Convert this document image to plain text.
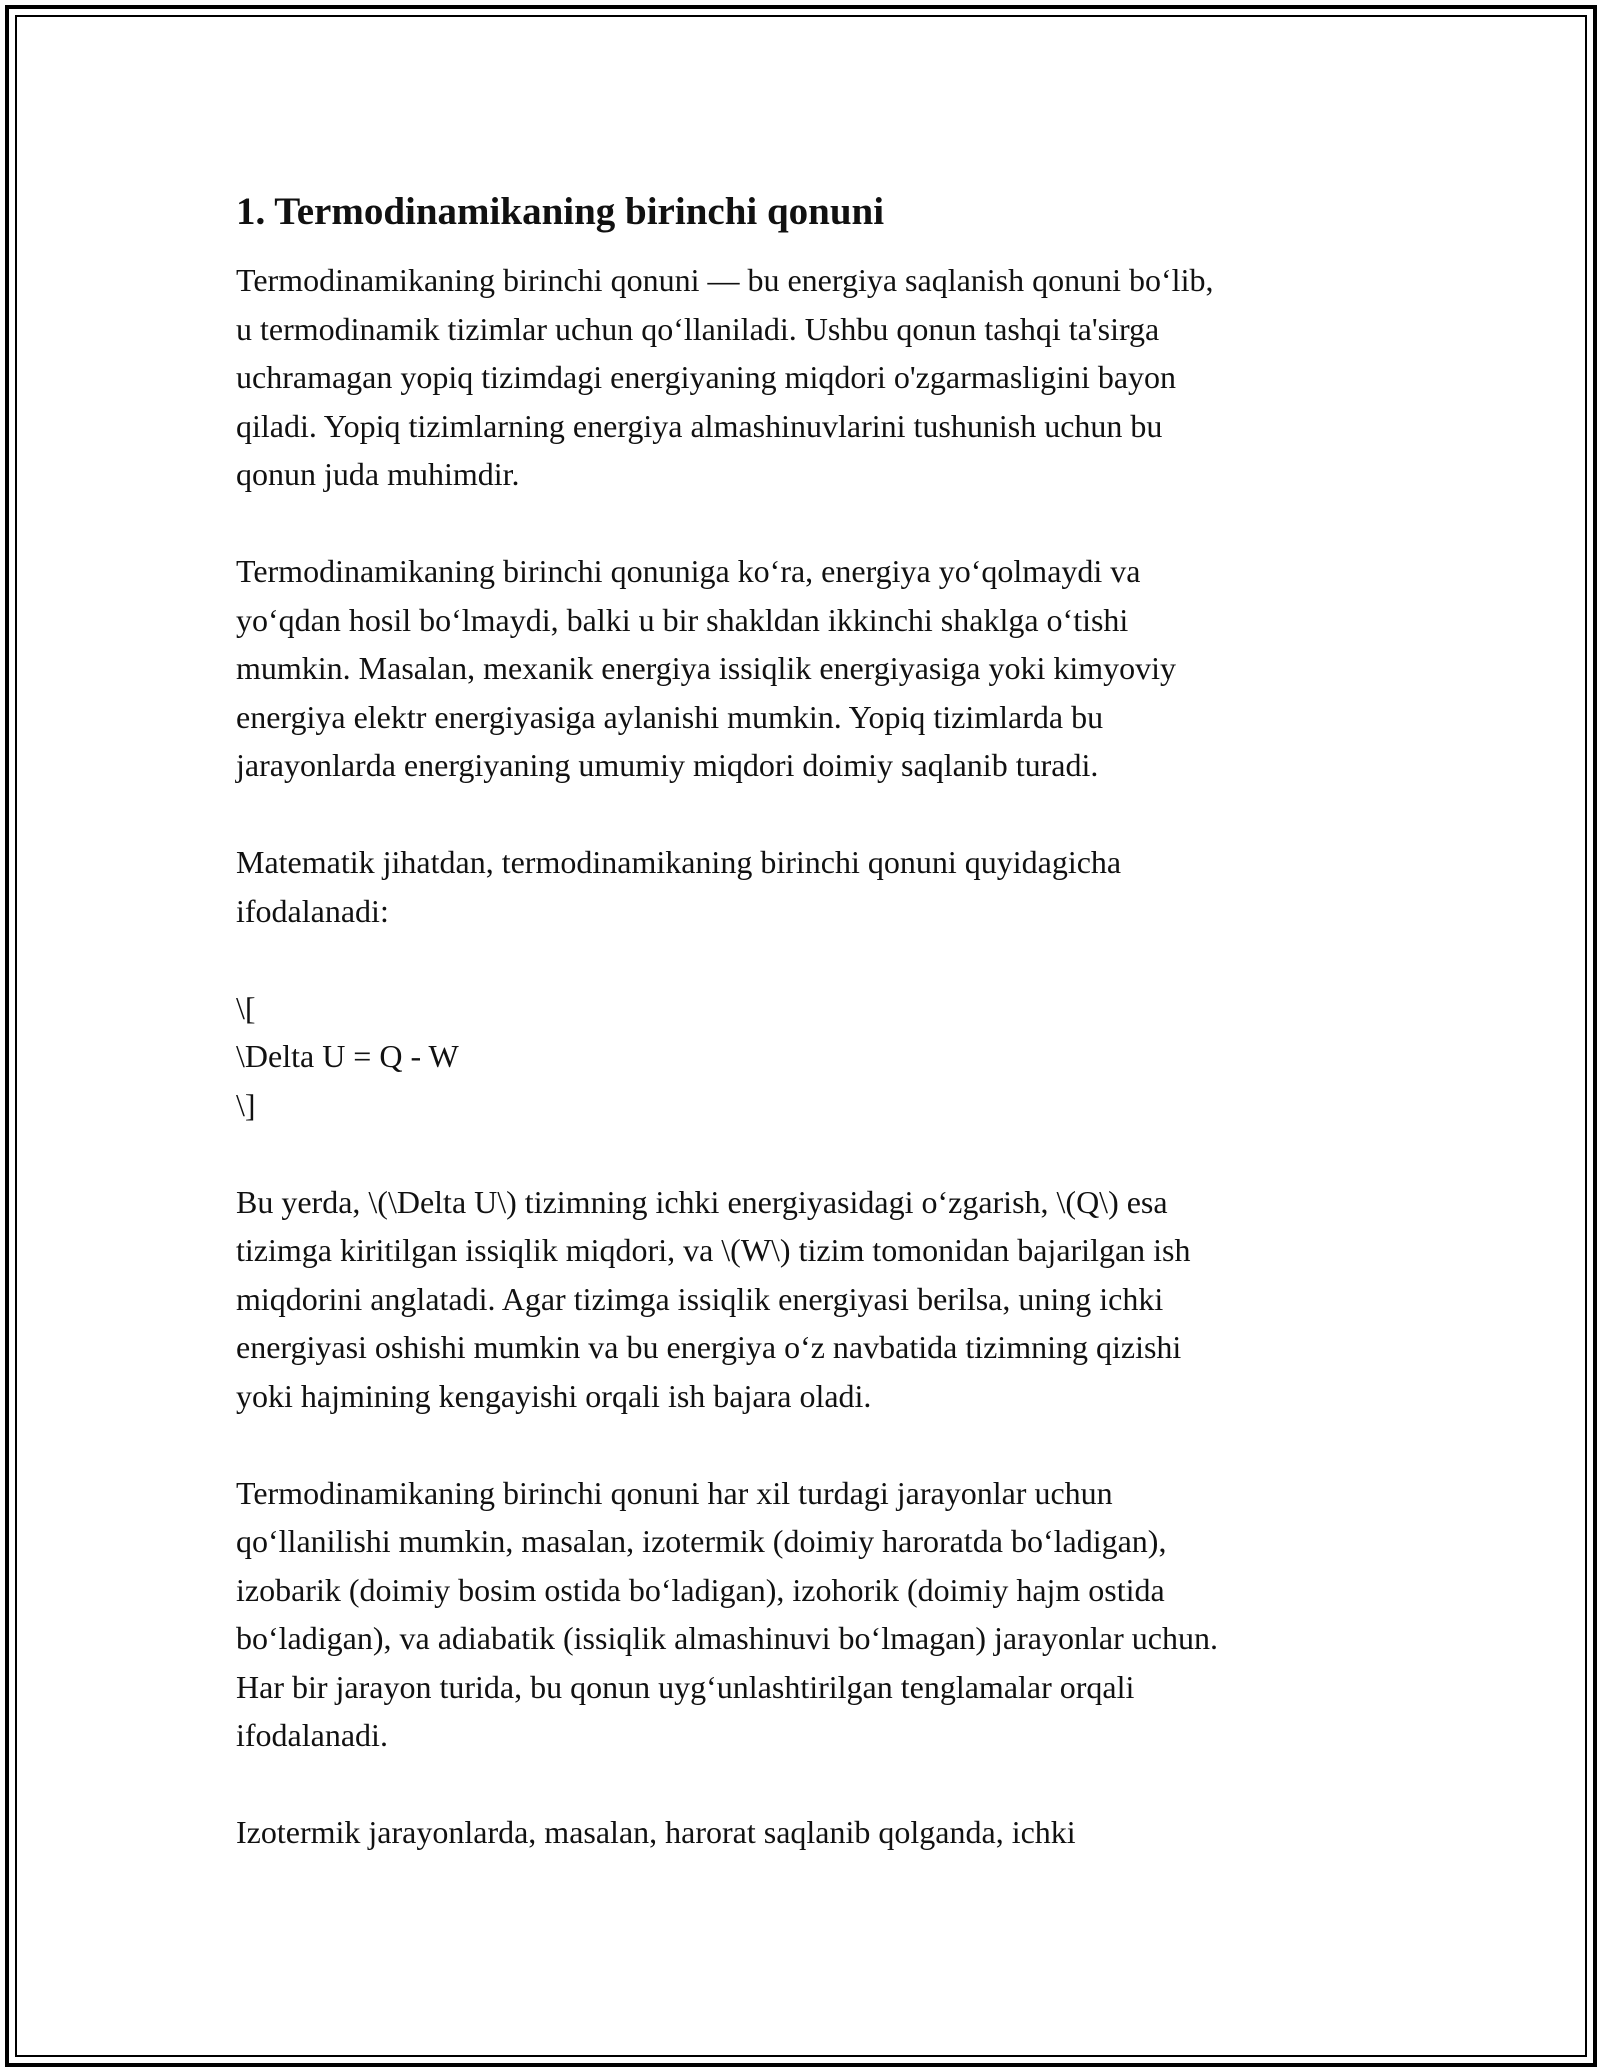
1. Termodinamikaning birinchi qonuni

Termodinamikaning birinchi qonuni — bu energiya saqlanish qonuni bo‘lib,
u termodinamik tizimlar uchun qo‘llaniladi. Ushbu qonun tashqi ta'sirga
uchramagan yopiq tizimdagi energiyaning miqdori o'zgarmasligini bayon
qiladi. Yopiq tizimlarning energiya almashinuvlarini tushunish uchun bu
qonun juda muhimdir.

Termodinamikaning birinchi qonuniga ko‘ra, energiya yo‘qolmaydi va
yo‘qdan hosil bo‘lmaydi, balki u bir shakldan ikkinchi shaklga o‘tishi
mumkin. Masalan, mexanik energiya issiqlik energiyasiga yoki kimyoviy
energiya elektr energiyasiga aylanishi mumkin. Yopiq tizimlarda bu
jarayonlarda energiyaning umumiy miqdori doimiy saqlanib turadi.

Matematik jihatdan, termodinamikaning birinchi qonuni quyidagicha
ifodalanadi:

\[
\Delta U = Q - W
\]

Bu yerda, \(\Delta U\) tizimning ichki energiyasidagi o‘zgarish, \(Q\) esa
tizimga kiritilgan issiqlik miqdori, va \(W\) tizim tomonidan bajarilgan ish
miqdorini anglatadi. Agar tizimga issiqlik energiyasi berilsa, uning ichki
energiyasi oshishi mumkin va bu energiya o‘z navbatida tizimning qizishi
yoki hajmining kengayishi orqali ish bajara oladi.

Termodinamikaning birinchi qonuni har xil turdagi jarayonlar uchun
qo‘llanilishi mumkin, masalan, izotermik (doimiy haroratda bo‘ladigan),
izobarik (doimiy bosim ostida bo‘ladigan), izohorik (doimiy hajm ostida
bo‘ladigan), va adiabatik (issiqlik almashinuvi bo‘lmagan) jarayonlar uchun.
Har bir jarayon turida, bu qonun uyg‘unlashtirilgan tenglamalar orqali
ifodalanadi.

Izotermik jarayonlarda, masalan, harorat saqlanib qolganda, ichki
